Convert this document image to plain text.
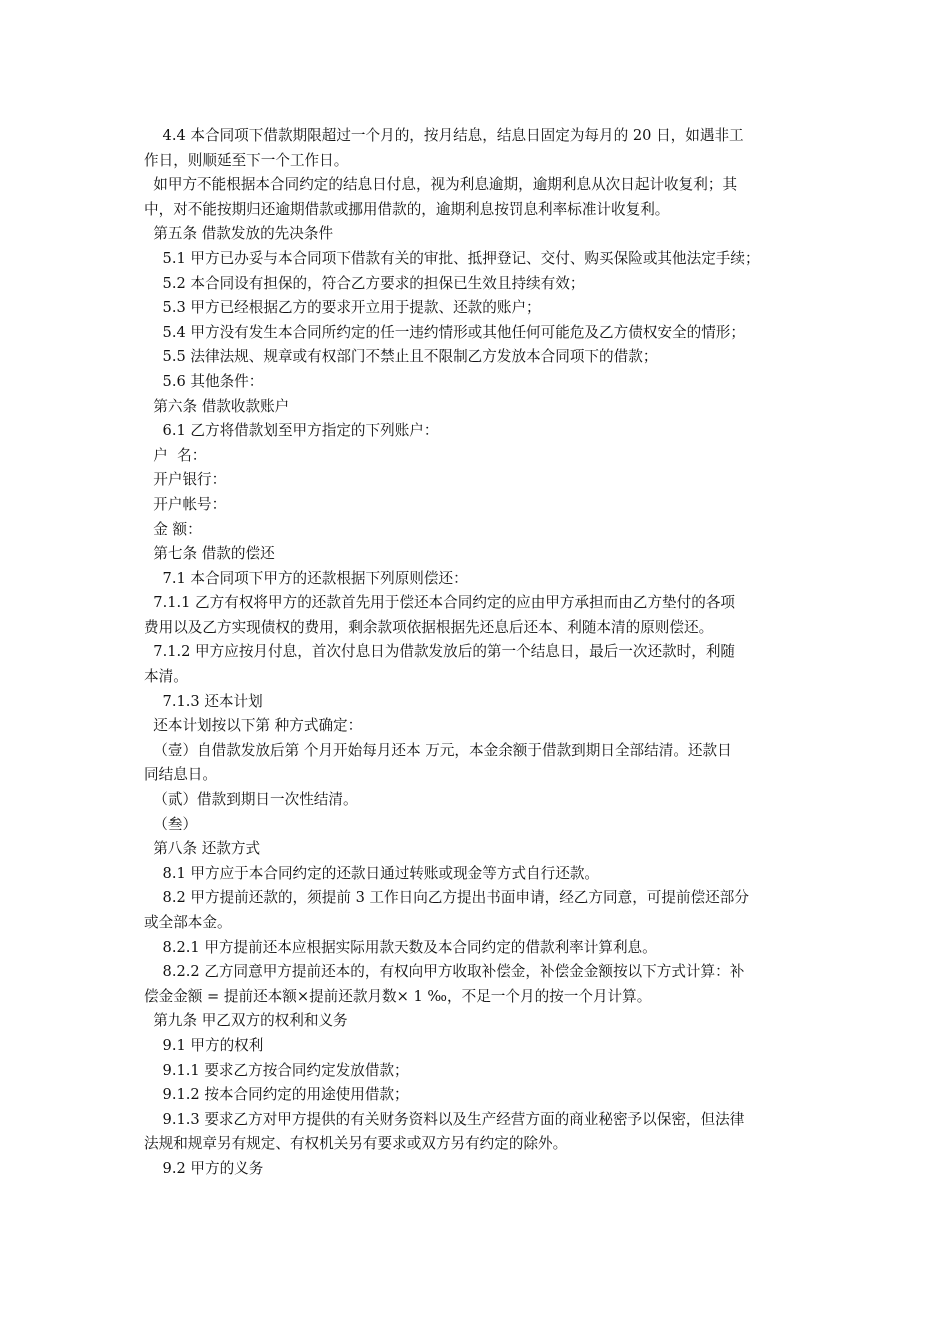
4.4 本合同项下借款期限超过一个月的，按月结息，结息日固定为每月的 20 日，如遇非工
作日，则顺延至下一个工作日。
如甲方不能根据本合同约定的结息日付息，视为利息逾期，逾期利息从次日起计收复利；其
中，对不能按期归还逾期借款或挪用借款的，逾期利息按罚息利率标准计收复利。
第五条 借款发放的先决条件
5.1 甲方已办妥与本合同项下借款有关的审批、抵押登记、交付、购买保险或其他法定手续；
5.2 本合同设有担保的，符合乙方要求的担保已生效且持续有效；
5.3 甲方已经根据乙方的要求开立用于提款、还款的账户；
5.4 甲方没有发生本合同所约定的任一违约情形或其他任何可能危及乙方债权安全的情形；
5.5 法律法规、规章或有权部门不禁止且不限制乙方发放本合同项下的借款；
5.6 其他条件：
第六条 借款收款账户
6.1 乙方将借款划至甲方指定的下列账户：
户  名：
开户银行：
开户帐号：
金 额：
第七条 借款的偿还
7.1 本合同项下甲方的还款根据下列原则偿还：
7.1.1 乙方有权将甲方的还款首先用于偿还本合同约定的应由甲方承担而由乙方垫付的各项
费用以及乙方实现债权的费用，剩余款项依据根据先还息后还本、利随本清的原则偿还。
7.1.2 甲方应按月付息，首次付息日为借款发放后的第一个结息日，最后一次还款时，利随
本清。
7.1.3 还本计划
还本计划按以下第 种方式确定：
（壹）自借款发放后第 个月开始每月还本 万元，本金余额于借款到期日全部结清。还款日
同结息日。
（贰）借款到期日一次性结清。
（叁）
第八条 还款方式
8.1 甲方应于本合同约定的还款日通过转账或现金等方式自行还款。
8.2 甲方提前还款的，须提前 3 工作日向乙方提出书面申请，经乙方同意，可提前偿还部分
或全部本金。
8.2.1 甲方提前还本应根据实际用款天数及本合同约定的借款利率计算利息。
8.2.2 乙方同意甲方提前还本的，有权向甲方收取补偿金，补偿金金额按以下方式计算：补
偿金金额 = 提前还本额×提前还款月数× 1 ‰，不足一个月的按一个月计算。
第九条 甲乙双方的权利和义务
9.1 甲方的权利
9.1.1 要求乙方按合同约定发放借款；
9.1.2 按本合同约定的用途使用借款；
9.1.3 要求乙方对甲方提供的有关财务资料以及生产经营方面的商业秘密予以保密，但法律
法规和规章另有规定、有权机关另有要求或双方另有约定的除外。
9.2 甲方的义务
